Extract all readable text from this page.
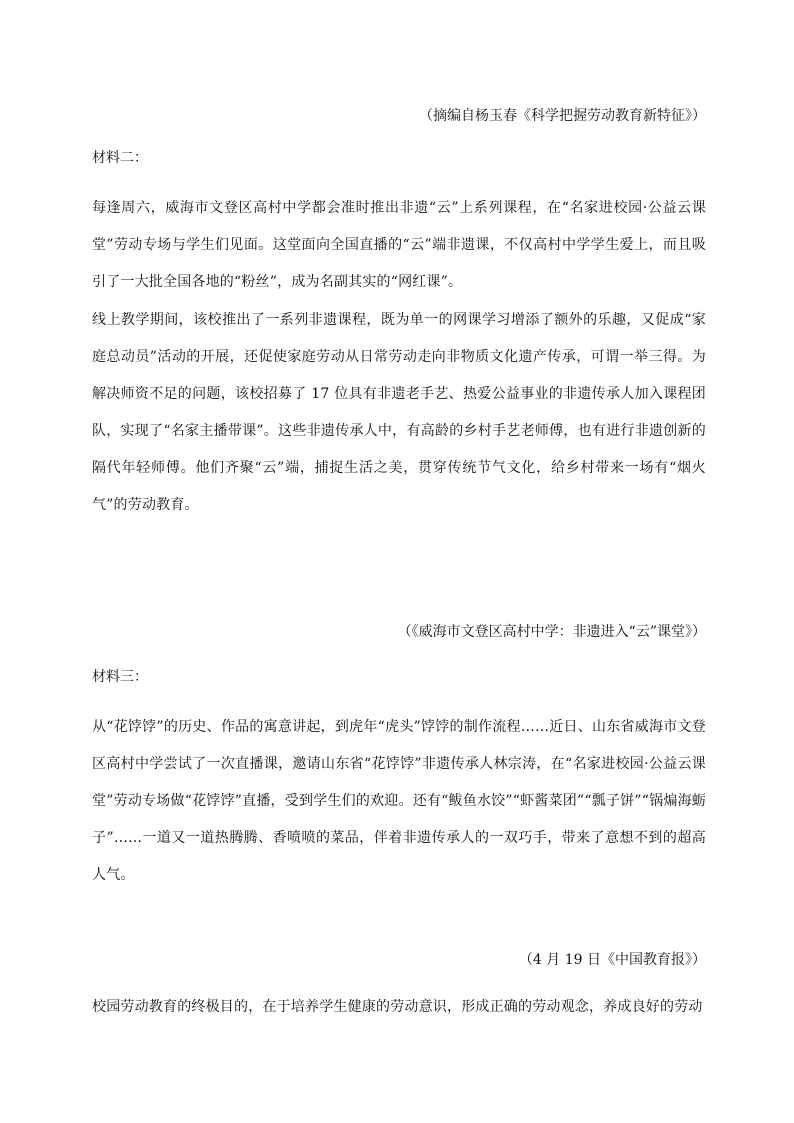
（摘编自杨玉春《科学把握劳动教育新特征》）
材料二：
每逢周六，威海市文登区高村中学都会准时推出非遗“云”上系列课程，在“名家进校园·公益云课堂”劳动专场与学生们见面。这堂面向全国直播的“云”端非遗课，不仅高村中学学生爱上，而且吸引了一大批全国各地的“粉丝”，成为名副其实的“网红课”。
线上教学期间，该校推出了一系列非遗课程，既为单一的网课学习增添了额外的乐趣，又促成“家庭总动员”活动的开展，还促使家庭劳动从日常劳动走向非物质文化遗产传承，可谓一举三得。为解决师资不足的问题，该校招募了 17 位具有非遗老手艺、热爱公益事业的非遗传承人加入课程团队，实现了“名家主播带课”。这些非遗传承人中，有高龄的乡村手艺老师傅，也有进行非遗创新的隔代年轻师傅。他们齐聚“云”端，捕捉生活之美，贯穿传统节气文化，给乡村带来一场有“烟火气”的劳动教育。
（《威海市文登区高村中学：非遗进入“云”课堂》）
材料三：
从“花饽饽”的历史、作品的寓意讲起，到虎年“虎头”饽饽的制作流程……近日、山东省威海市文登区高村中学尝试了一次直播课，邀请山东省“花饽饽”非遗传承人林宗涛，在“名家进校园·公益云课堂”劳动专场做“花饽饽”直播，受到学生们的欢迎。还有“鲅鱼水饺”“虾酱菜团”“瓢子饼”“锅煸海蛎子”……一道又一道热腾腾、香喷喷的菜品，伴着非遗传承人的一双巧手，带来了意想不到的超高人气。
（4 月 19 日《中国教育报》）
校园劳动教育的终极目的，在于培养学生健康的劳动意识，形成正确的劳动观念，养成良好的劳动
